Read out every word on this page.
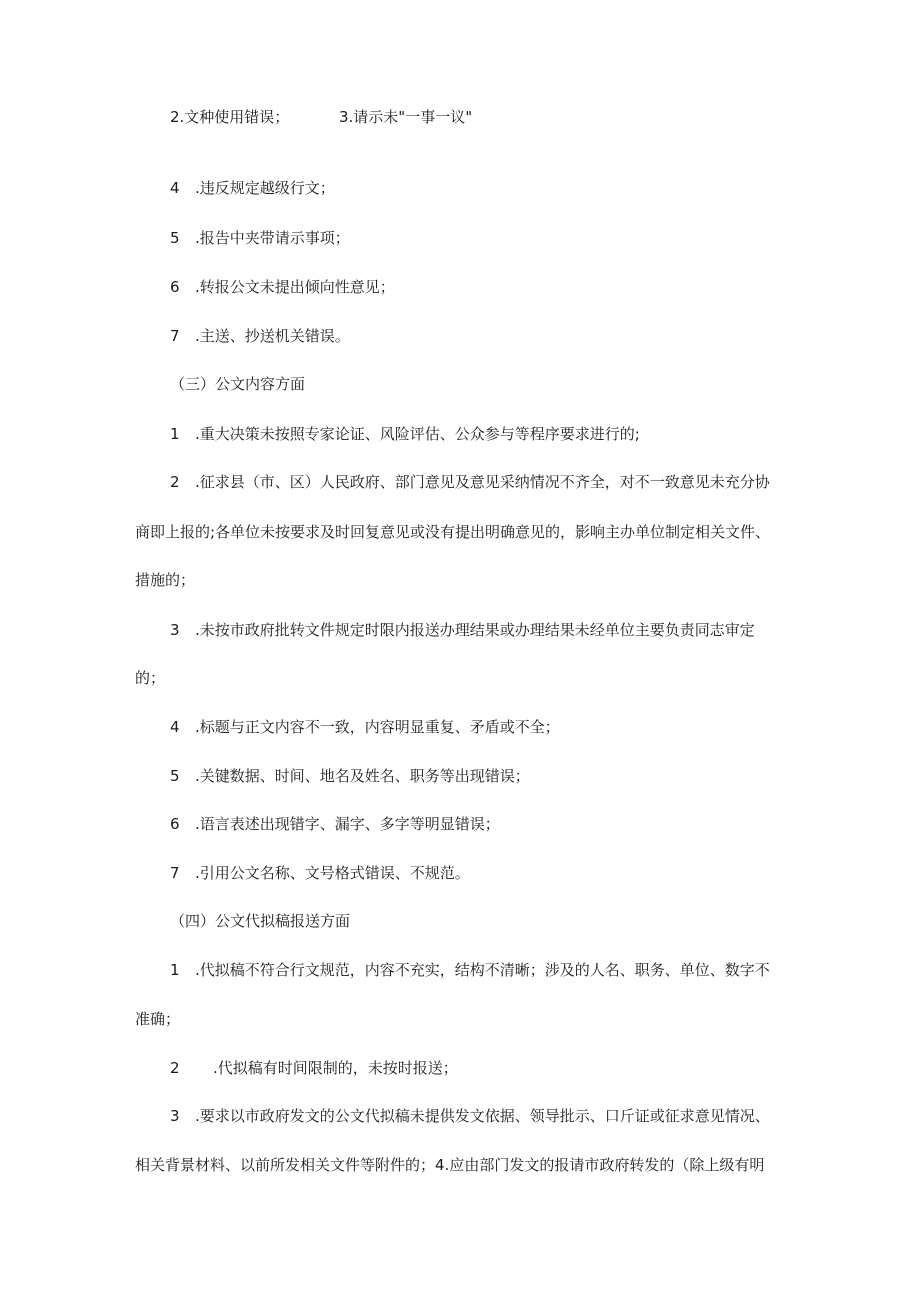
2.文种使用错误；	3.请示未"一事一议"
4 .违反规定越级行文；
5 .报告中夹带请示事项；
6 .转报公文未提出倾向性意见；
7 .主送、抄送机关错误。
（三）公文内容方面
1 .重大决策未按照专家论证、风险评估、公众参与等程序要求进行的;
2 .征求县（市、区）人民政府、部门意见及意见采纳情况不齐全，对不一致意见未充分协
商即上报的;各单位未按要求及时回复意见或没有提出明确意见的，影响主办单位制定相关文件、
措施的；
3 .未按市政府批转文件规定时限内报送办理结果或办理结果未经单位主要负责同志审定
的；
4 .标题与正文内容不一致，内容明显重复、矛盾或不全；
5 .关键数据、时间、地名及姓名、职务等出现错误；
6 .语言表述出现错字、漏字、多字等明显错误；
7 .引用公文名称、文号格式错误、不规范。
（四）公文代拟稿报送方面
1 .代拟稿不符合行文规范，内容不充实，结构不清晰；涉及的人名、职务、单位、数字不
准确；
2 .代拟稿有时间限制的，未按时报送；
3 .要求以市政府发文的公文代拟稿未提供发文依据、领导批示、口斤证或征求意见情况、
相关背景材料、以前所发相关文件等附件的；4.应由部门发文的报请市政府转发的（除上级有明
